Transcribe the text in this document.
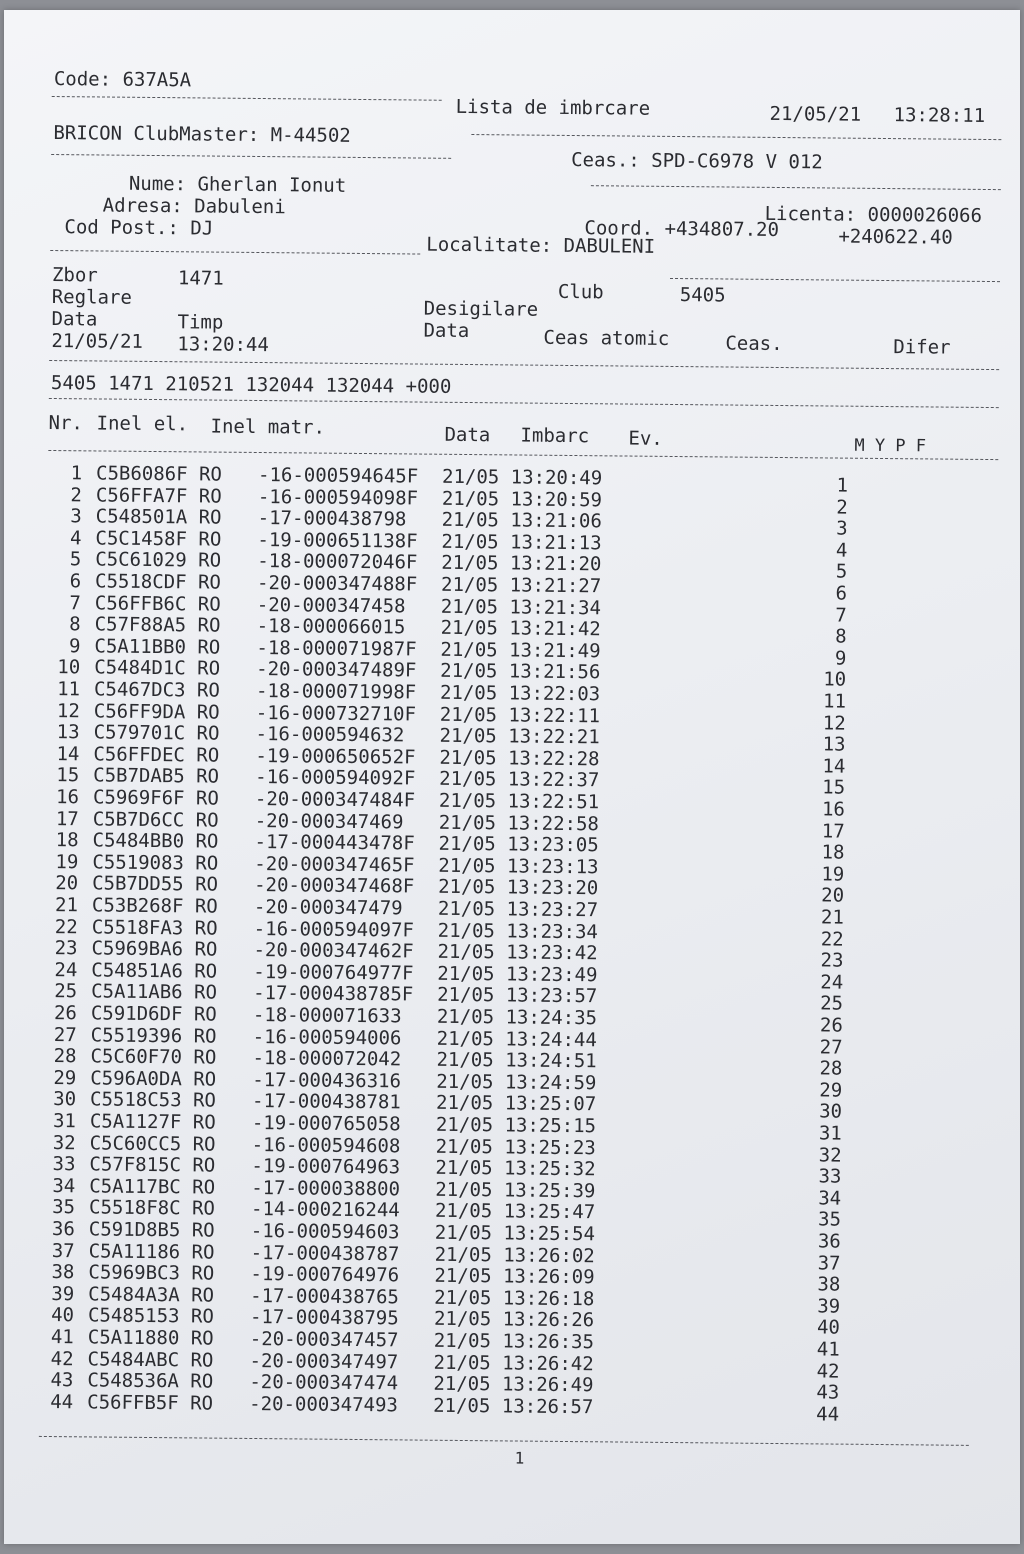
Code: 637A5A
Lista de imbrcare	21/05/21 13:28:11
BRICON ClubMaster: M-44502
Ceas.: SPD-C6978 V 012
Nume: Gherlan Ionut
Adresa: Dabuleni
Cod Post.: DJ
Licenta: 0000026066
Coord. +434807.20	+240622.40
Localitate: DABULENI
Zbor	1471
Reglare
Data	Timp
21/05/21 13:20:44
Club	5405
Desigilare
Data	Ceas atomic	Ceas.	Difer
5405 1471 210521 132044 132044 +000
Nr. Inel el. Inel matr.	Data Imbarc Ev.	M Y P F
1 C5B6086F RO -16-000594645F 21/05 13:20:49	1
2 C56FFA7F RO -16-000594098F 21/05 13:20:59	2
3 C548501A RO -17-000438798 21/05 13:21:06	3
4 C5C1458F RO -19-000651138F 21/05 13:21:13	4
5 C5C61029 RO -18-000072046F 21/05 13:21:20	5
6 C5518CDF RO -20-000347488F 21/05 13:21:27	6
7 C56FFB6C RO -20-000347458 21/05 13:21:34	7
8 C57F88A5 RO -18-000066015 21/05 13:21:42	8
9 C5A11BB0 RO -18-000071987F 21/05 13:21:49	9
10 C5484D1C RO -20-000347489F 21/05 13:21:56	10
11 C5467DC3 RO -18-000071998F 21/05 13:22:03	11
12 C56FF9DA RO -16-000732710F 21/05 13:22:11	12
13 C579701C RO -16-000594632 21/05 13:22:21	13
14 C56FFDEC RO -19-000650652F 21/05 13:22:28	14
15 C5B7DAB5 RO -16-000594092F 21/05 13:22:37	15
16 C5969F6F RO -20-000347484F 21/05 13:22:51	16
17 C5B7D6CC RO -20-000347469 21/05 13:22:58	17
18 C5484BB0 RO -17-000443478F 21/05 13:23:05	18
19 C5519083 RO -20-000347465F 21/05 13:23:13	19
20 C5B7DD55 RO -20-000347468F 21/05 13:23:20	20
21 C53B268F RO -20-000347479 21/05 13:23:27	21
22 C5518FA3 RO -16-000594097F 21/05 13:23:34	22
23 C5969BA6 RO -20-000347462F 21/05 13:23:42	23
24 C54851A6 RO -19-000764977F 21/05 13:23:49	24
25 C5A11AB6 RO -17-000438785F 21/05 13:23:57	25
26 C591D6DF RO -18-000071633 21/05 13:24:35	26
27 C5519396 RO -16-000594006 21/05 13:24:44	27
28 C5C60F70 RO -18-000072042 21/05 13:24:51	28
29 C596A0DA RO -17-000436316 21/05 13:24:59	29
30 C5518C53 RO -17-000438781 21/05 13:25:07	30
31 C5A1127F RO -19-000765058 21/05 13:25:15	31
32 C5C60CC5 RO -16-000594608 21/05 13:25:23	32
33 C57F815C RO -19-000764963 21/05 13:25:32	33
34 C5A117BC RO -17-000038800 21/05 13:25:39	34
35 C5518F8C RO -14-000216244 21/05 13:25:47	35
36 C591D8B5 RO -16-000594603 21/05 13:25:54	36
37 C5A11186 RO -17-000438787 21/05 13:26:02	37
38 C5969BC3 RO -19-000764976 21/05 13:26:09	38
39 C5484A3A RO -17-000438765 21/05 13:26:18	39
40 C5485153 RO -17-000438795 21/05 13:26:26	40
41 C5A11880 RO -20-000347457 21/05 13:26:35	41
42 C5484ABC RO -20-000347497 21/05 13:26:42	42
43 C548536A RO -20-000347474 21/05 13:26:49	43
44 C56FFB5F RO -20-000347493 21/05 13:26:57	44
1
